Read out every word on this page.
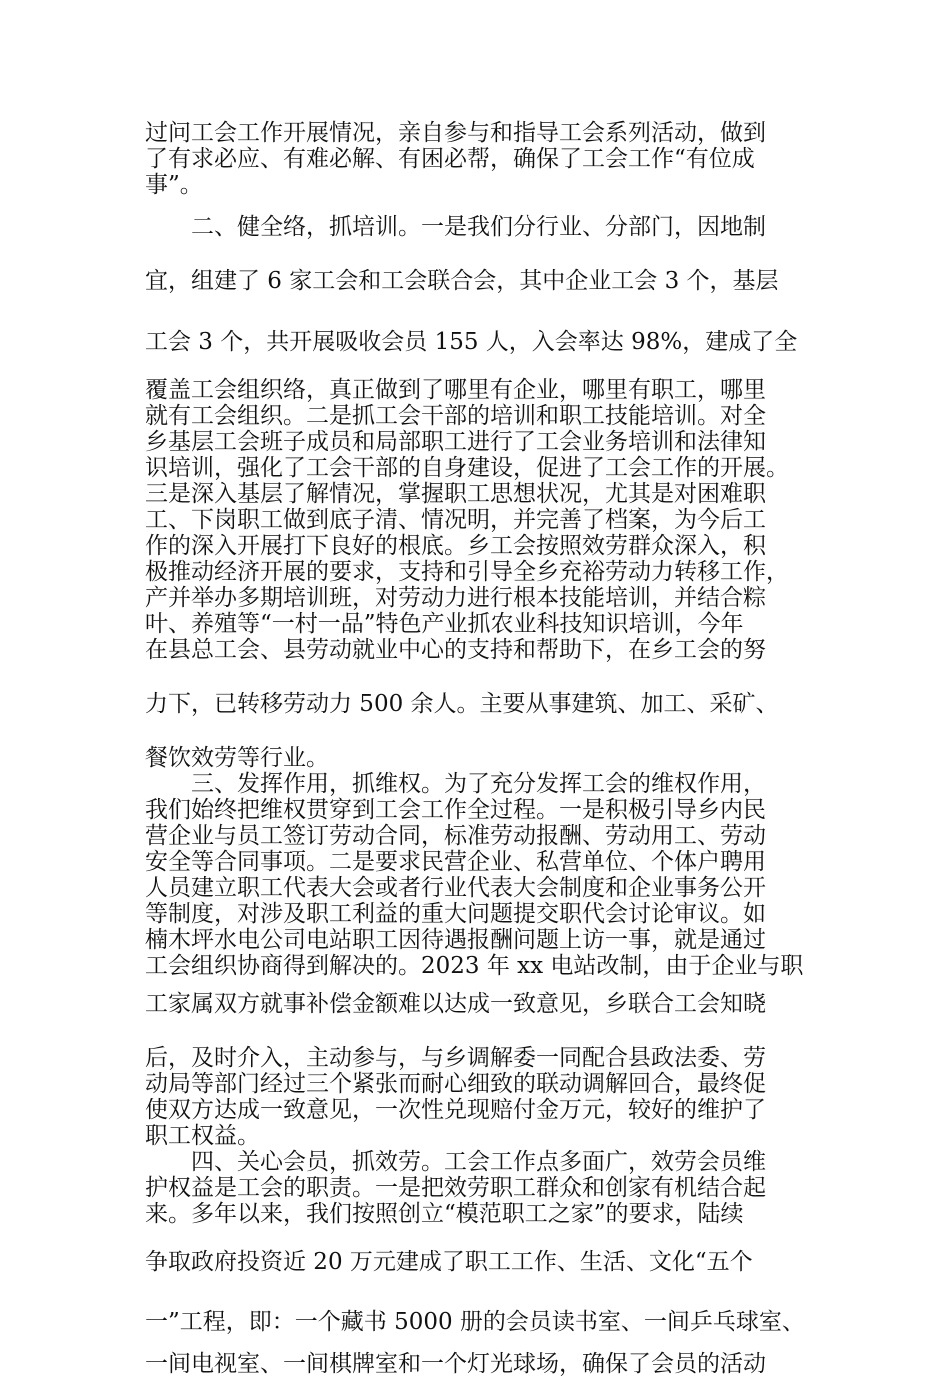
过问工会工作开展情况，亲自参与和指导工会系列活动，做到
了有求必应、有难必解、有困必帮，确保了工会工作“有位成
事”。
　　二、健全络，抓培训。一是我们分行业、分部门，因地制
宜，组建了 6 家工会和工会联合会，其中企业工会 3 个，基层
工会 3 个，共开展吸收会员 155 人，入会率达 98%，建成了全
覆盖工会组织络，真正做到了哪里有企业，哪里有职工，哪里
就有工会组织。二是抓工会干部的培训和职工技能培训。对全
乡基层工会班子成员和局部职工进行了工会业务培训和法律知
识培训，强化了工会干部的自身建设，促进了工会工作的开展。
三是深入基层了解情况，掌握职工思想状况，尤其是对困难职
工、下岗职工做到底子清、情况明，并完善了档案，为今后工
作的深入开展打下良好的根底。乡工会按照效劳群众深入，积
极推动经济开展的要求，支持和引导全乡充裕劳动力转移工作，
产并举办多期培训班，对劳动力进行根本技能培训，并结合粽
叶、养殖等“一村一品”特色产业抓农业科技知识培训，今年
在县总工会、县劳动就业中心的支持和帮助下，在乡工会的努
力下，已转移劳动力 500 余人。主要从事建筑、加工、采矿、
餐饮效劳等行业。
　　三、发挥作用，抓维权。为了充分发挥工会的维权作用，
我们始终把维权贯穿到工会工作全过程。一是积极引导乡内民
营企业与员工签订劳动合同，标准劳动报酬、劳动用工、劳动
安全等合同事项。二是要求民营企业、私营单位、个体户聘用
人员建立职工代表大会或者行业代表大会制度和企业事务公开
等制度，对涉及职工利益的重大问题提交职代会讨论审议。如
楠木坪水电公司电站职工因待遇报酬问题上访一事，就是通过
工会组织协商得到解决的。2023 年 xx 电站改制，由于企业与职
工家属双方就事补偿金额难以达成一致意见，乡联合工会知晓
后，及时介入，主动参与，与乡调解委一同配合县政法委、劳
动局等部门经过三个紧张而耐心细致的联动调解回合，最终促
使双方达成一致意见，一次性兑现赔付金万元，较好的维护了
职工权益。
　　四、关心会员，抓效劳。工会工作点多面广，效劳会员维
护权益是工会的职责。一是把效劳职工群众和创家有机结合起
来。多年以来，我们按照创立“模范职工之家”的要求，陆续
争取政府投资近 20 万元建成了职工工作、生活、文化“五个
一”工程，即：一个藏书 5000 册的会员读书室、一间乒乓球室、
一间电视室、一间棋牌室和一个灯光球场，确保了会员的活动
